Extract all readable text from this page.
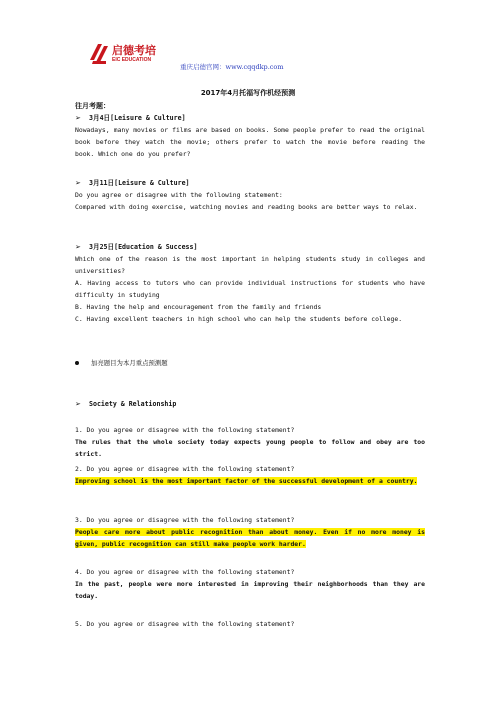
启德考培
EIC EDUCATION
重庆启德官网：www.cqqdkp.com
2017年4月托福写作机经预测
往月考题：
➢ 3月4日[Leisure & Culture]
Nowadays, many movies or films are based on books. Some people prefer to read the original book before they watch the movie; others prefer to watch the movie before reading the book. Which one do you prefer?
➢ 3月11日[Leisure & Culture]
Do you agree or disagree with the following statement:
Compared with doing exercise, watching movies and reading books are better ways to relax.
➢ 3月25日[Education & Success]
Which one of the reason is the most important in helping students study in colleges and universities?
A. Having access to tutors who can provide individual instructions for students who have difficulty in studying
B. Having the help and encouragement from the family and friends
C. Having excellent teachers in high school who can help the students before college.
加亮题目为本月重点预测题
➢ Society & Relationship
1. Do you agree or disagree with the following statement?
The rules that the whole society today expects young people to follow and obey are too strict.
2. Do you agree or disagree with the following statement?
Improving school is the most important factor of the successful development of a country.
3. Do you agree or disagree with the following statement?
People care more about public recognition than about money. Even if no more money is given, public recognition can still make people work harder.
4. Do you agree or disagree with the following statement?
In the past, people were more interested in improving their neighborhoods than they are today.
5. Do you agree or disagree with the following statement?
